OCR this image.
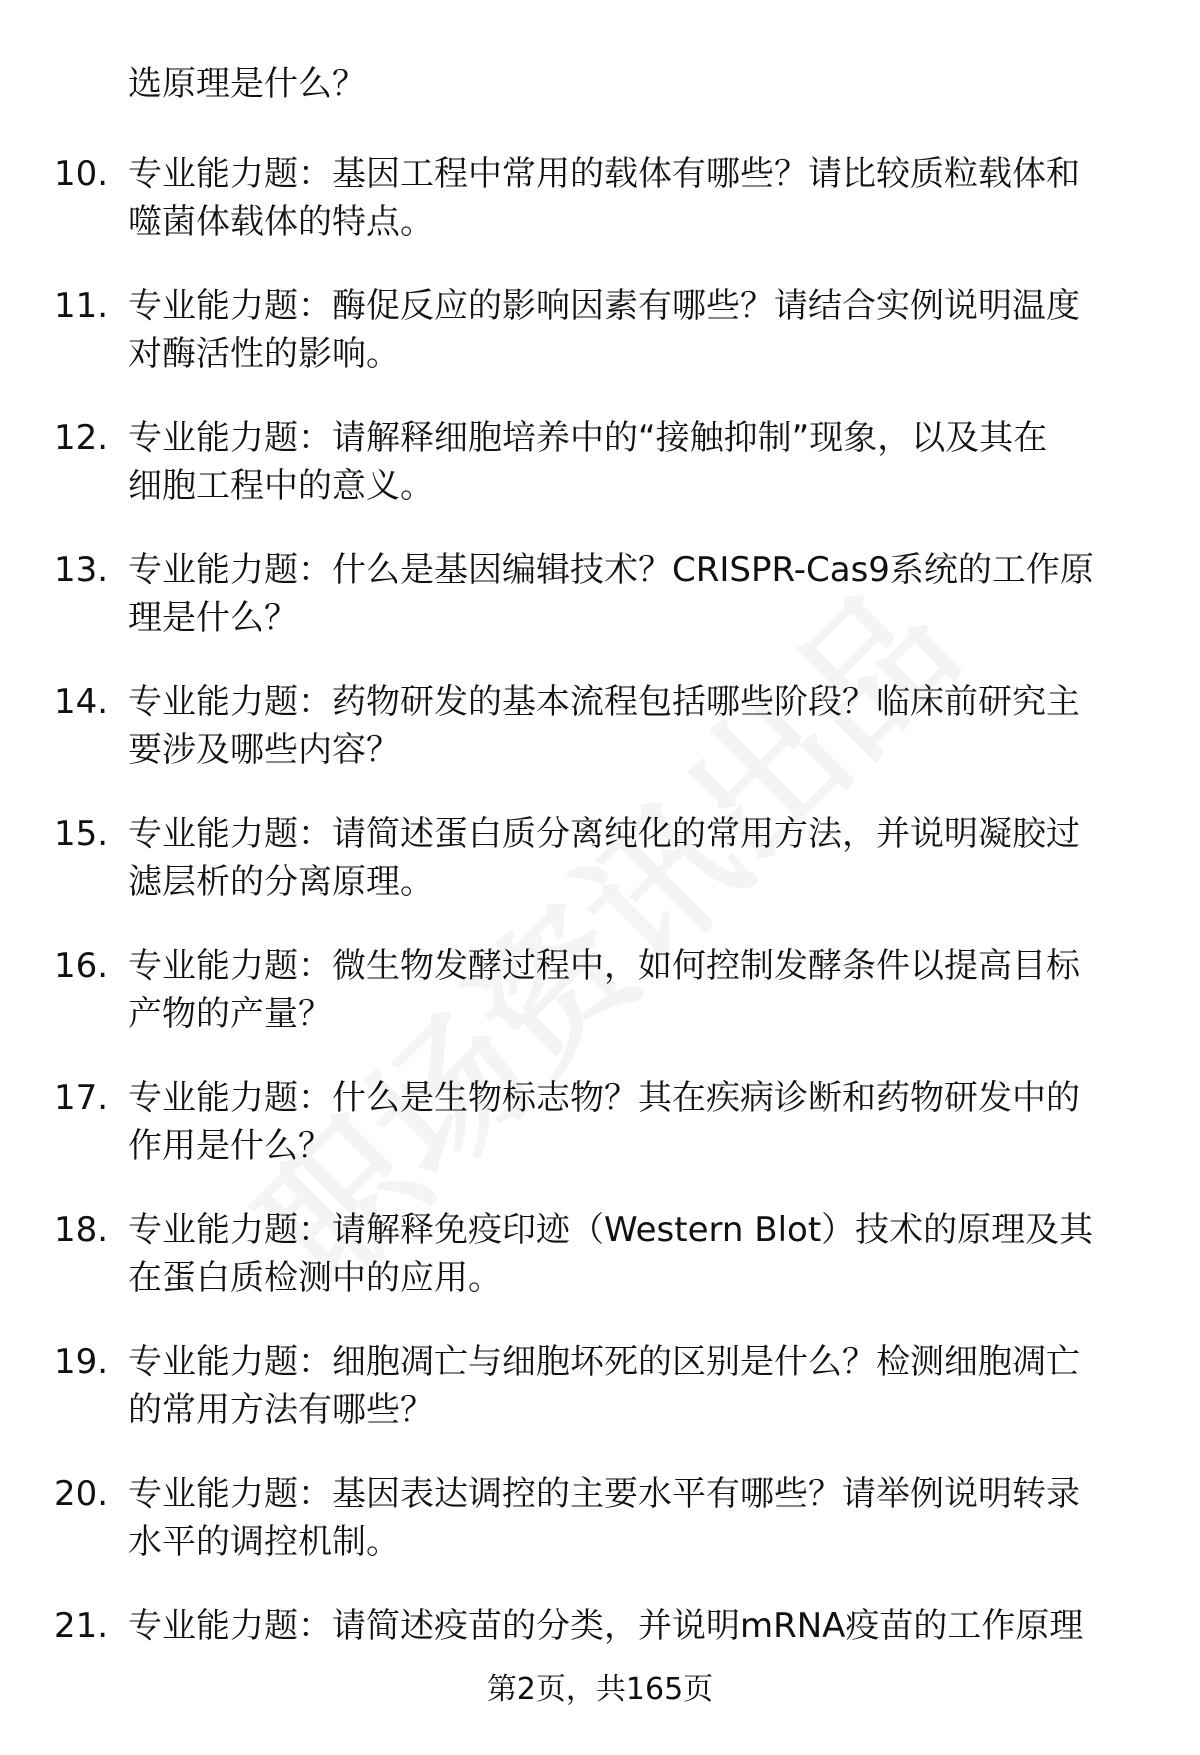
选原理是什么？
10. 专业能力题：基因工程中常用的载体有哪些？请比较质粒载体和
噬菌体载体的特点。
11. 专业能力题：酶促反应的影响因素有哪些？请结合实例说明温度
对酶活性的影响。
12. 专业能力题：请解释细胞培养中的“接触抑制”现象，以及其在
细胞工程中的意义。
13. 专业能力题：什么是基因编辑技术？CRISPR-Cas9系统的工作原
理是什么？
14. 专业能力题：药物研发的基本流程包括哪些阶段？临床前研究主
要涉及哪些内容？
15. 专业能力题：请简述蛋白质分离纯化的常用方法，并说明凝胶过
滤层析的分离原理。
16. 专业能力题：微生物发酵过程中，如何控制发酵条件以提高目标
产物的产量？
17. 专业能力题：什么是生物标志物？其在疾病诊断和药物研发中的
作用是什么？
18. 专业能力题：请解释免疫印迹（Western Blot）技术的原理及其
在蛋白质检测中的应用。
19. 专业能力题：细胞凋亡与细胞坏死的区别是什么？检测细胞凋亡
的常用方法有哪些？
20. 专业能力题：基因表达调控的主要水平有哪些？请举例说明转录
水平的调控机制。
21. 专业能力题：请简述疫苗的分类，并说明mRNA疫苗的工作原理
第2页，共165页
